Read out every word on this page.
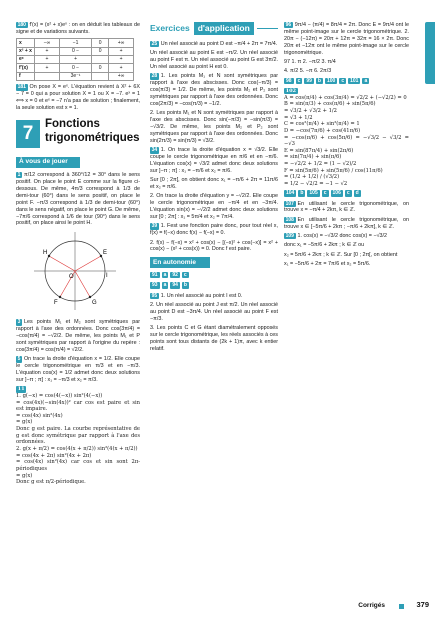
180 f'(x) = (x² + x)eˣ : on en déduit les tableaux de signe et de variations suivants.

x	−∞	−1	0	+∞
x² + x	+	0 −	0	+
eˣ	+	+		+
f'(x)	+	0 −	0	+
f		3e⁻¹		+∞

181 On pose X = eˣ. L'équation revient à X² + 6X − 7 = 0 qui a pour solution X = 1 ou X = −7. eˣ = 1 ⟺ x = 0 et eˣ = −7 n'a pas de solution ; finalement, la seule solution est x = 1.

7	Fonctions
trigonométriques
À vous de jouer

1 π/12 correspond à 360°/12 = 30° dans le sens positif. On place le point E comme sur la figure ci-dessous. De même, 4π/3 correspond à 1/3 de demi-tour (60°) dans le sens positif, on place le point F. −π/3 correspond à 1/3 de demi-tour (60°) dans le sens négatif, on place le point G. De même, −7π/6 correspond à 1/6 de tour (90°) dans le sens positif, on place ainsi le point H.

H	E
F	G
O	I

3 Les points M₁ et M₂ sont symétriques par rapport à l'axe des ordonnées. Donc cos(3π/4) = −cos(π/4) = −√2/2. De même, les points M₁ et P sont symétriques par rapport à l'origine du repère : cos(3π/4) = cos(π/4) = √2/2.

5 On trace la droite d'équation x = 1/2. Elle coupe le cercle trigonométrique en π/3 et en −π/3. L'équation cos(x) = 1/2 admet donc deux solutions sur ]−π ; π] : x₁ = −π/3 et x₂ = π/3.

11
1. g(−x) = cos(4(−x)) sin²(4(−x))
= cos(4x)(−sin(4x))² car cos est paire et sin est impaire.
= cos(4x) sin²(4x)
= g(x)
Donc g est paire. La courbe représentative de g est donc symétrique par rapport à l'axe des ordonnées.
2. g(x + π/2) = cos(4(x + π/2)) sin²(4(x + π/2))
= cos(4x + 2π) sin²(4x + 2π)
= cos(4x) sin²(4x) car cos et sin sont 2π-périodiques
= g(x)
Donc g est π/2-périodique.
Exercices d'application

25 Un réel associé au point D est −π/4 + 2π = 7π/4.

Un réel associé au point E est −π/2. Un réel associé au point F est π. Un réel associé au point G est 3π/2. Un réel associé au point H est 0.

28 1. Les points M₁ et N sont symétriques par rapport à l'axe des abscisses. Donc cos(−π/3) = cos(π/3) = 1/2. De même, les points M₂ et P₂ sont symétriques par rapport à l'axe des ordonnées. Donc cos(2π/3) = −cos(π/3) = −1/2.

2. Les points M₁ et N sont symétriques par rapport à l'axe des abscisses. Donc sin(−π/3) = −sin(π/3) = −√3/2. De même, les points M₂ et P₂ sont symétriques par rapport à l'axe des ordonnées. Donc sin(2π/3) = sin(π/3) = √3/2.

34 1. On trace la droite d'équation x = √3/2. Elle coupe le cercle trigonométrique en π/6 et en −π/6. L'équation cos(x) = √3/2 admet donc deux solutions sur ]−π ; π] : x₁ = −π/6 et x₂ = π/6.

Sur [0 ; 2π[, on obtient donc x₁ = −π/6 + 2π = 11π/6 et x₂ = π/6.

2. On trace la droite d'équation y = −√2/2. Elle coupe le cercle trigonométrique en −π/4 et en −3π/4. L'équation sin(x) = −√2/2 admet donc deux solutions sur [0 ; 2π[ : x₁ = 5π/4 et x₂ = 7π/4.

39 1. Fest une fonction paire donc, pour tout réel x, f(x) = f(−x) donc f(x) − f(−x) = 0.

2. f(x) − f(−x) = x² + cos(x) − [(−x)² + cos(−x)] = x² + cos(x) − (x² + cos(x)) = 0. Donc f est paire.

En autonomie
91	a	92	c
93	a	94	b

95 1. Un réel associé au point I est 0.

2. Un réel associé au point J est π/2. Un réel associé au point D est −3π/4. Un réel associé au point F est −π/3.

3. Les points C et G étant diamétralement opposés sur le cercle trigonométrique, les réels associés à ces points sont tous distants de (2k + 1)π, avec k entier relatif.

96 9π/4 − (π/4) = 8π/4 = 2π. Donc E = 9π/4 ont le même point-image sur le cercle trigonométrique. 2. 20π − (−12π) = 20π + 12π = 32π = 16 × 2π. Donc 20π et −12π ont le même point-image sur le cercle trigonométrique.

97 1. π 2. −π/2 3. π/4

4. π/2 5. −π 6. 2π/3

98	c	99	b	100	c	101	a
102
A = cos(π/4) + cos(3π/4) = √2/2 + (−√2/2) = 0
B = sin(π/3) + cos(π/6) + sin(5π/6)
= √3/2 + √3/2 + 1/2
= √3 + 1/2
C = cos²(π/4) + sin²(π/4) = 1
D = −cos(7π/6) + cos(41π/6)
= −cos(π/6) + cos(5π/6) = −√3/2 − √3/2 = −√3
E = sin(87π/4) + sin(2π/6)
= sin(7π/4) + sin(π/6)
= −√2/2 + 1/2 = (1 − √2)/2
F = sin(5π/6) + sin(5π/6) / cos(11π/6)
= (1/2 + 1/2) / (√3/2)
= 1/2 − √2/2 = −1 − √2
104	b	105	c	106	c	d

107 En utilisant le cercle trigonométrique, on trouve x = −π/4 + 2kπ, k ∈ ℤ.

108 En utilisant le cercle trigonométrique, on trouve x ∈ [−5π/6 + 2kπ ; −π/6 + 2kπ], k ∈ ℤ.

109 1. cos(x) = −√3/2 donc cos(x) = −√3/2

donc x₁ = −5π/6 + 2kπ ; k ∈ ℤ ou

x₂ = 5π/6 + 2kπ ; k ∈ ℤ. Sur [0 ; 2π[, on obtient

x₁ = −5π/6 + 2π = 7π/6 et x₂ = 5π/6.

Corrigés	379
